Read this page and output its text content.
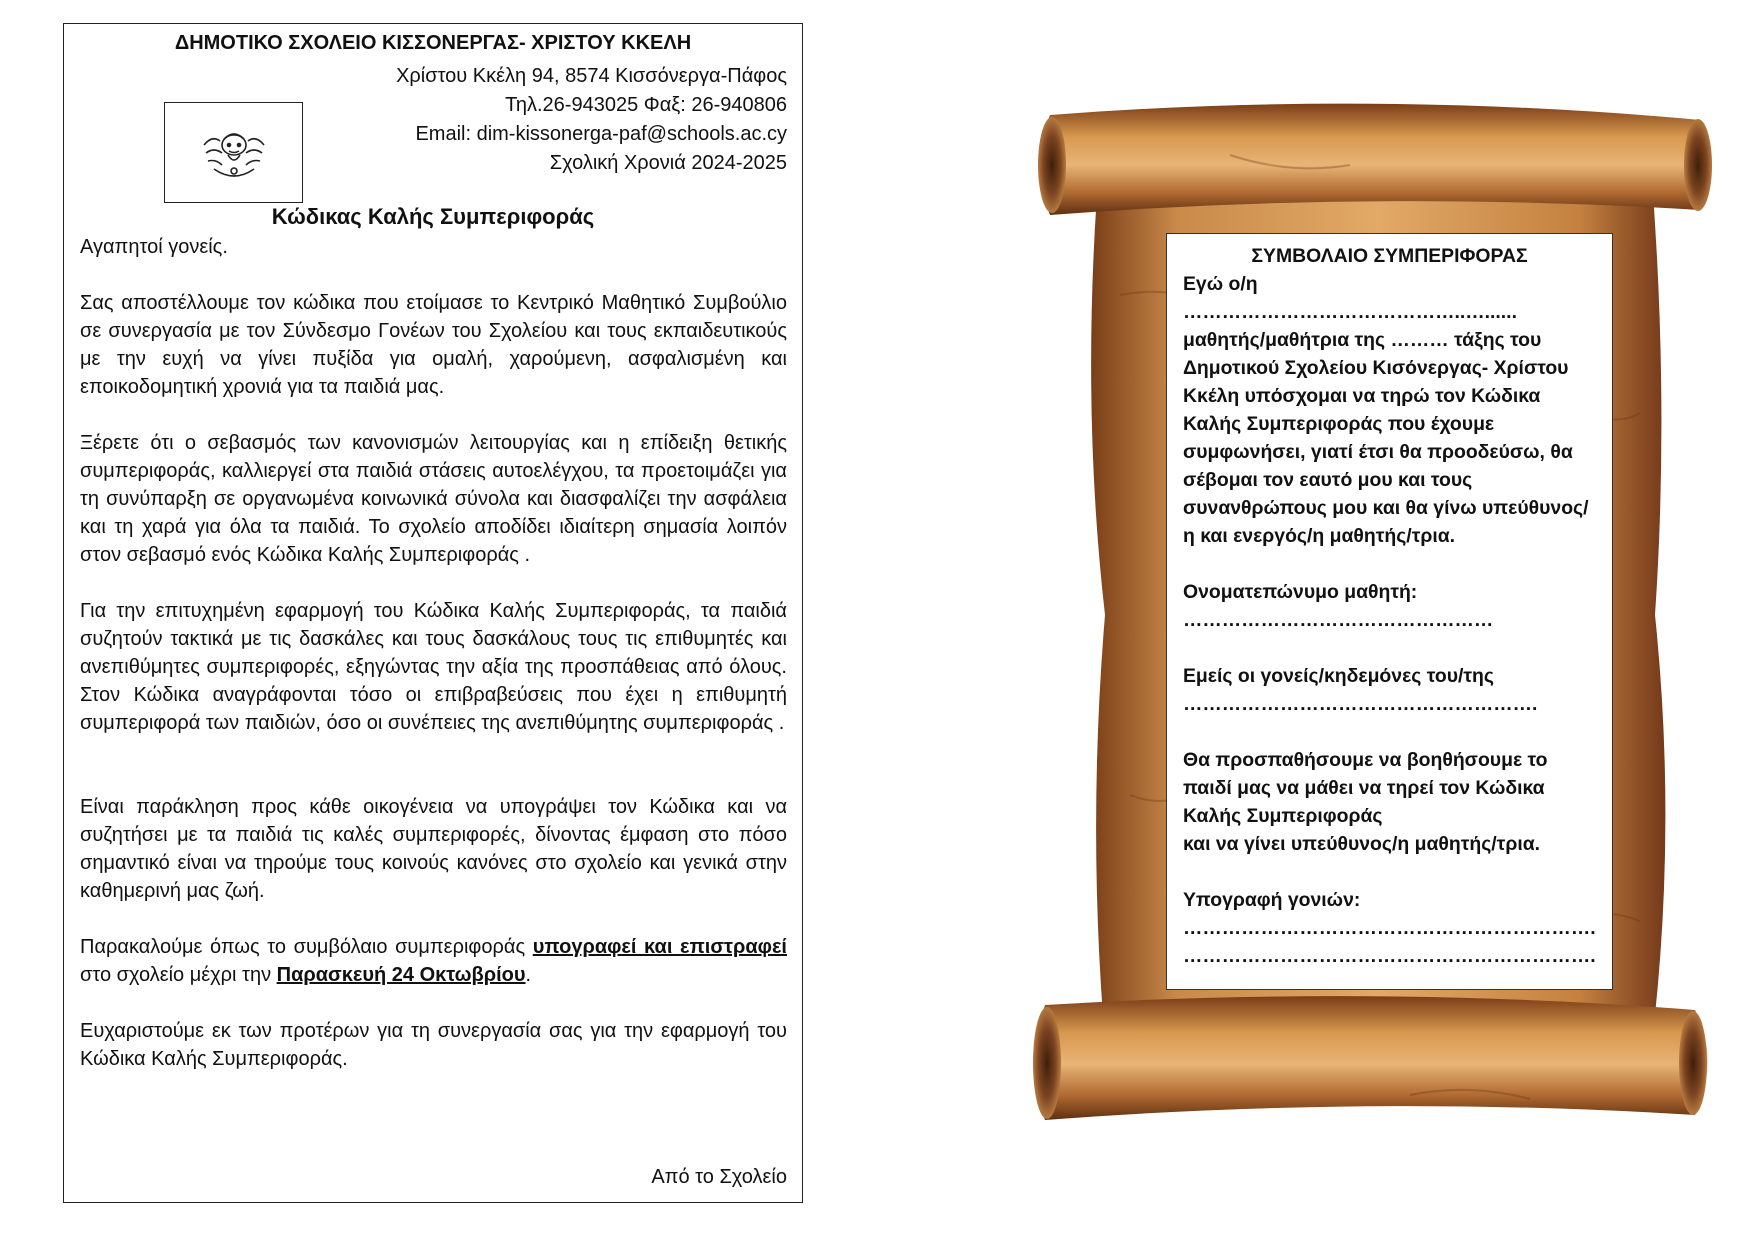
ΔΗΜΟΤΙΚΟ ΣΧΟΛΕΙΟ ΚΙΣΣΟΝΕΡΓΑΣ- ΧΡΙΣΤΟΥ ΚΚΕΛΗ
Χρίστου Κκέλη 94, 8574 Κισσόνεργα-Πάφος
Τηλ.26-943025 Φαξ: 26-940806
Email: dim-kissonerga-paf@schools.ac.cy
Σχολική Χρονιά 2024-2025
Κώδικας Καλής Συμπεριφοράς

Αγαπητοί γονείς.

Σας αποστέλλουμε τον κώδικα που ετοίμασε το Κεντρικό Μαθητικό Συμβούλιο σε συνεργασία με τον Σύνδεσμο Γονέων του Σχολείου και τους εκπαιδευτικούς με την ευχή να γίνει πυξίδα για ομαλή, χαρούμενη, ασφαλισμένη και εποικοδομητική χρονιά για τα παιδιά μας.

Ξέρετε ότι ο σεβασμός των κανονισμών λειτουργίας και η επίδειξη θετικής συμπεριφοράς, καλλιεργεί στα παιδιά στάσεις αυτοελέγχου, τα προετοιμάζει για τη συνύπαρξη σε οργανωμένα κοινωνικά σύνολα και διασφαλίζει την ασφάλεια και τη χαρά για όλα τα παιδιά. Το σχολείο αποδίδει ιδιαίτερη σημασία λοιπόν στον σεβασμό ενός Κώδικα Καλής Συμπεριφοράς .

Για την επιτυχημένη εφαρμογή του Κώδικα Καλής Συμπεριφοράς, τα παιδιά συζητούν τακτικά με τις δασκάλες και τους δασκάλους τους τις επιθυμητές και ανεπιθύμητες συμπεριφορές, εξηγώντας την αξία της προσπάθειας από όλους. Στον Κώδικα αναγράφονται τόσο οι επιβραβεύσεις που έχει η επιθυμητή συμπεριφορά των παιδιών, όσο οι συνέπειες της ανεπιθύμητης συμπεριφοράς .

Είναι παράκληση προς κάθε οικογένεια να υπογράψει τον Κώδικα και να συζητήσει με τα παιδιά τις καλές συμπεριφορές, δίνοντας έμφαση στο πόσο σημαντικό είναι να τηρούμε τους κοινούς κανόνες στο σχολείο και γενικά στην καθημερινή μας ζωή.

Παρακαλούμε όπως το συμβόλαιο συμπεριφοράς υπογραφεί και επιστραφεί στο σχολείο μέχρι την Παρασκευή 24 Οκτωβρίου.

Ευχαριστούμε εκ των προτέρων για τη συνεργασία σας για την εφαρμογή του Κώδικα Καλής Συμπεριφοράς.

Από το Σχολείο
ΣΥΜΒΟΛΑΙΟ ΣΥΜΠΕΡΙΦΟΡΑΣ

Εγώ ο/η ……………………………………..…......

μαθητής/μαθήτρια της ……… τάξης του Δημοτικού Σχολείου Κισόνεργας- Χρίστου Κκέλη υπόσχομαι να τηρώ τον Κώδικα Καλής Συμπεριφοράς που έχουμε συμφωνήσει, γιατί έτσι θα προοδεύσω, θα σέβομαι τον εαυτό μου και τους συνανθρώπους μου και θα γίνω υπεύθυνος/η και ενεργός/η μαθητής/τρια.

Ονοματεπώνυμο μαθητή:

…………………………………………

Εμείς οι γονείς/κηδεμόνες του/της

……………………………………………….

Θα προσπαθήσουμε να βοηθήσουμε το παιδί μας να μάθει να τηρεί τον Κώδικα Καλής Συμπεριφοράς

και να γίνει υπεύθυνος/η μαθητής/τρια.

Υπογραφή γονιών:

……………………………………………………….

……………………………………………………….
